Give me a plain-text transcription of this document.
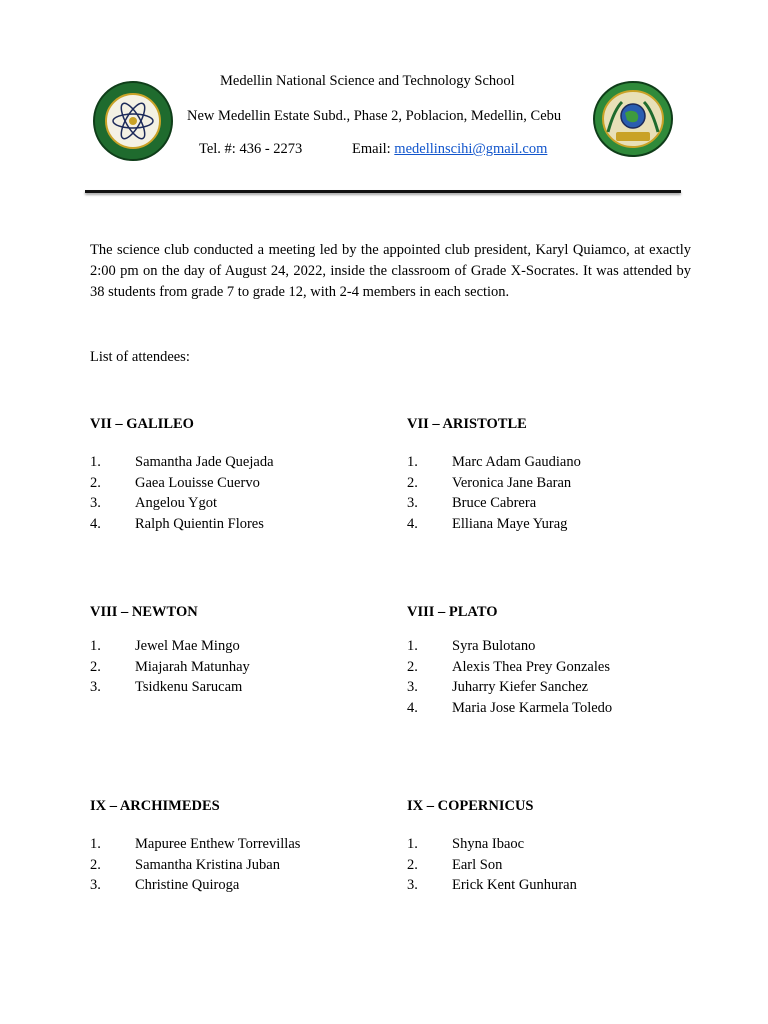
Medellin National Science and Technology School
New Medellin Estate Subd., Phase 2, Poblacion, Medellin, Cebu
Tel. #: 436 - 2273	Email: medellinscihi@gmail.com
The science club conducted a meeting led by the appointed club president, Karyl Quiamco, at exactly 2:00 pm on the day of August 24, 2022, inside the classroom of Grade X-Socrates. It was attended by 38 students from grade 7 to grade 12, with 2-4 members in each section.
List of attendees:
VII – GALILEO
1.	Samantha Jade Quejada
2.	Gaea Louisse Cuervo
3.	Angelou Ygot
4.	Ralph Quientin Flores
VII – ARISTOTLE
1.	Marc Adam Gaudiano
2.	Veronica Jane Baran
3.	Bruce Cabrera
4.	Elliana Maye Yurag
VIII – NEWTON
1.	Jewel Mae Mingo
2.	Miajarah Matunhay
3.	Tsidkenu Sarucam
VIII – PLATO
1.	Syra Bulotano
2.	Alexis Thea Prey Gonzales
3.	Juharry Kiefer Sanchez
4.	Maria Jose Karmela Toledo
IX – ARCHIMEDES
1.	Mapuree Enthew Torrevillas
2.	Samantha Kristina Juban
3.	Christine Quiroga
IX – COPERNICUS
1.	Shyna Ibaoc
2.	Earl Son
3.	Erick Kent Gunhuran
